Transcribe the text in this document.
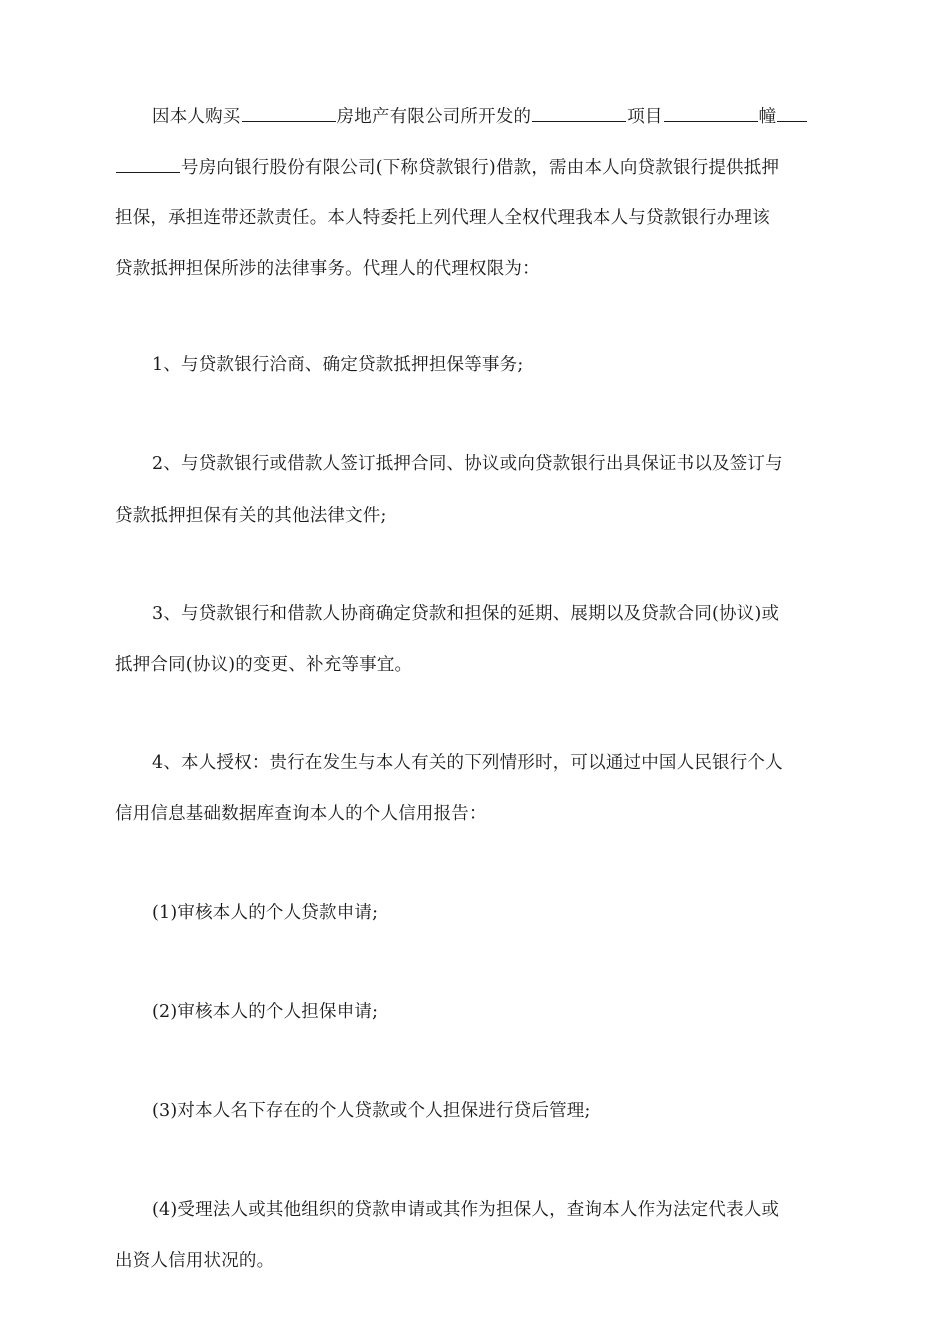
因本人购买	房地产有限公司所开发的	项目	幢
号房向银行股份有限公司(下称贷款银行)借款，需由本人向贷款银行提供抵押
担保，承担连带还款责任。本人特委托上列代理人全权代理我本人与贷款银行办理该
贷款抵押担保所涉的法律事务。代理人的代理权限为：
1、与贷款银行洽商、确定贷款抵押担保等事务;
2、与贷款银行或借款人签订抵押合同、协议或向贷款银行出具保证书以及签订与
贷款抵押担保有关的其他法律文件;
3、与贷款银行和借款人协商确定贷款和担保的延期、展期以及贷款合同(协议)或
抵押合同(协议)的变更、补充等事宜。
4、本人授权：贵行在发生与本人有关的下列情形时，可以通过中国人民银行个人
信用信息基础数据库查询本人的个人信用报告：
(1)审核本人的个人贷款申请;
(2)审核本人的个人担保申请;
(3)对本人名下存在的个人贷款或个人担保进行贷后管理;
(4)受理法人或其他组织的贷款申请或其作为担保人，查询本人作为法定代表人或
出资人信用状况的。
